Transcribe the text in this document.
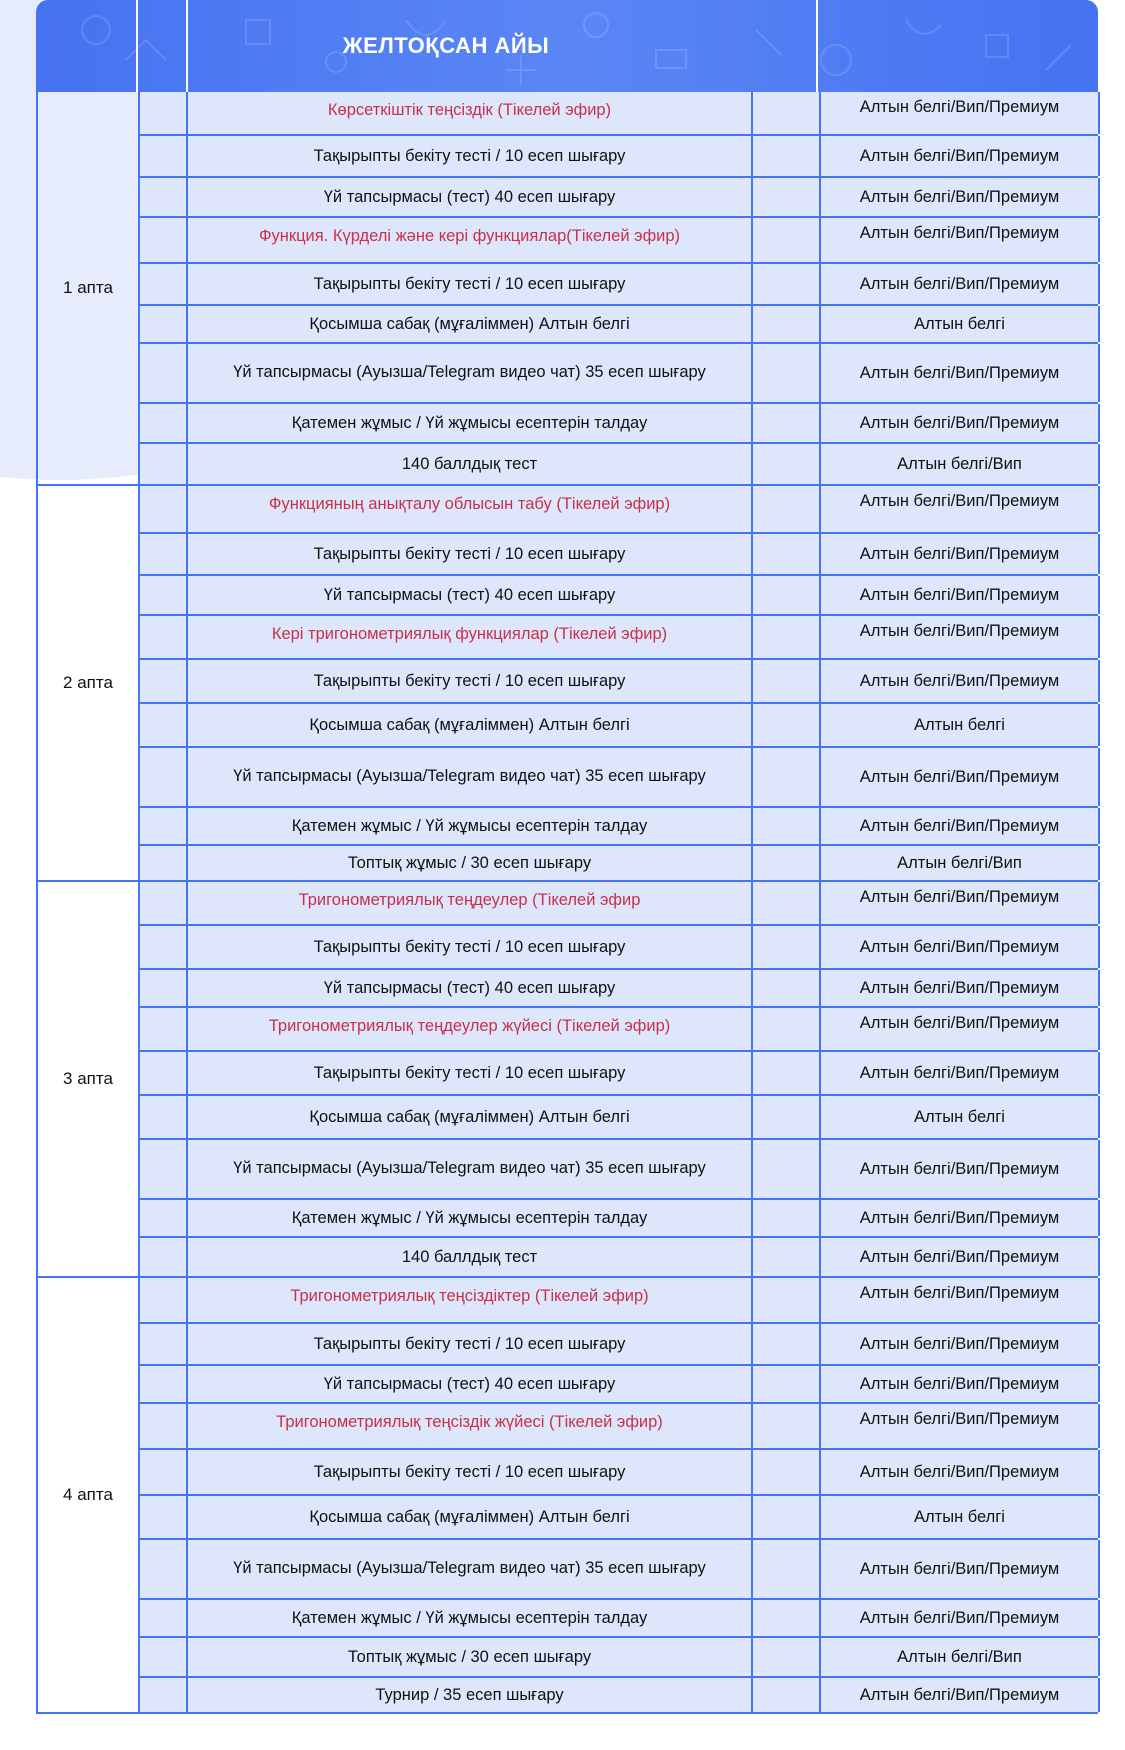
ЖЕЛТОҚСАН АЙЫ
1 апта
Көрсеткіштік теңсіздік (Тікелей эфир)	Алтын белгі/Вип/Премиум
Тақырыпты бекіту тесті / 10 есеп шығару	Алтын белгі/Вип/Премиум
Үй тапсырмасы (тест) 40 есеп шығару	Алтын белгі/Вип/Премиум
Функция. Күрделі және кері функциялар(Тікелей эфир)	Алтын белгі/Вип/Премиум
Тақырыпты бекіту тесті / 10 есеп шығару	Алтын белгі/Вип/Премиум
Қосымша сабақ (мұғаліммен) Алтын белгі	Алтын белгі
Үй тапсырмасы (Ауызша/Telegram видео чат) 35 есеп шығару	Алтын белгі/Вип/Премиум
Қатемен жұмыс / Үй жұмысы есептерін талдау	Алтын белгі/Вип/Премиум
140 баллдық тест	Алтын белгі/Вип
2 апта
Функцияның анықталу облысын табу (Тікелей эфир)	Алтын белгі/Вип/Премиум
Тақырыпты бекіту тесті / 10 есеп шығару	Алтын белгі/Вип/Премиум
Үй тапсырмасы (тест) 40 есеп шығару	Алтын белгі/Вип/Премиум
Кері тригонометриялық функциялар (Тікелей эфир)	Алтын белгі/Вип/Премиум
Тақырыпты бекіту тесті / 10 есеп шығару	Алтын белгі/Вип/Премиум
Қосымша сабақ (мұғаліммен) Алтын белгі	Алтын белгі
Үй тапсырмасы (Ауызша/Telegram видео чат) 35 есеп шығару	Алтын белгі/Вип/Премиум
Қатемен жұмыс / Үй жұмысы есептерін талдау	Алтын белгі/Вип/Премиум
Топтық жұмыс / 30 есеп шығару	Алтын белгі/Вип
3 апта
Тригонометриялық теңдеулер (Тікелей эфир	Алтын белгі/Вип/Премиум
Тақырыпты бекіту тесті / 10 есеп шығару	Алтын белгі/Вип/Премиум
Үй тапсырмасы (тест) 40 есеп шығару	Алтын белгі/Вип/Премиум
Тригонометриялық теңдеулер жүйесі (Тікелей эфир)	Алтын белгі/Вип/Премиум
Тақырыпты бекіту тесті / 10 есеп шығару	Алтын белгі/Вип/Премиум
Қосымша сабақ (мұғаліммен) Алтын белгі	Алтын белгі
Үй тапсырмасы (Ауызша/Telegram видео чат) 35 есеп шығару	Алтын белгі/Вип/Премиум
Қатемен жұмыс / Үй жұмысы есептерін талдау	Алтын белгі/Вип/Премиум
140 баллдық тест	Алтын белгі/Вип/Премиум
4 апта
Тригонометриялық теңсіздіктер (Тікелей эфир)	Алтын белгі/Вип/Премиум
Тақырыпты бекіту тесті / 10 есеп шығару	Алтын белгі/Вип/Премиум
Үй тапсырмасы (тест) 40 есеп шығару	Алтын белгі/Вип/Премиум
Тригонометриялық теңсіздік жүйесі (Тікелей эфир)	Алтын белгі/Вип/Премиум
Тақырыпты бекіту тесті / 10 есеп шығару	Алтын белгі/Вип/Премиум
Қосымша сабақ (мұғаліммен) Алтын белгі	Алтын белгі
Үй тапсырмасы (Ауызша/Telegram видео чат) 35 есеп шығару	Алтын белгі/Вип/Премиум
Қатемен жұмыс / Үй жұмысы есептерін талдау	Алтын белгі/Вип/Премиум
Топтық жұмыс / 30 есеп шығару	Алтын белгі/Вип
Турнир / 35 есеп шығару	Алтын белгі/Вип/Премиум
